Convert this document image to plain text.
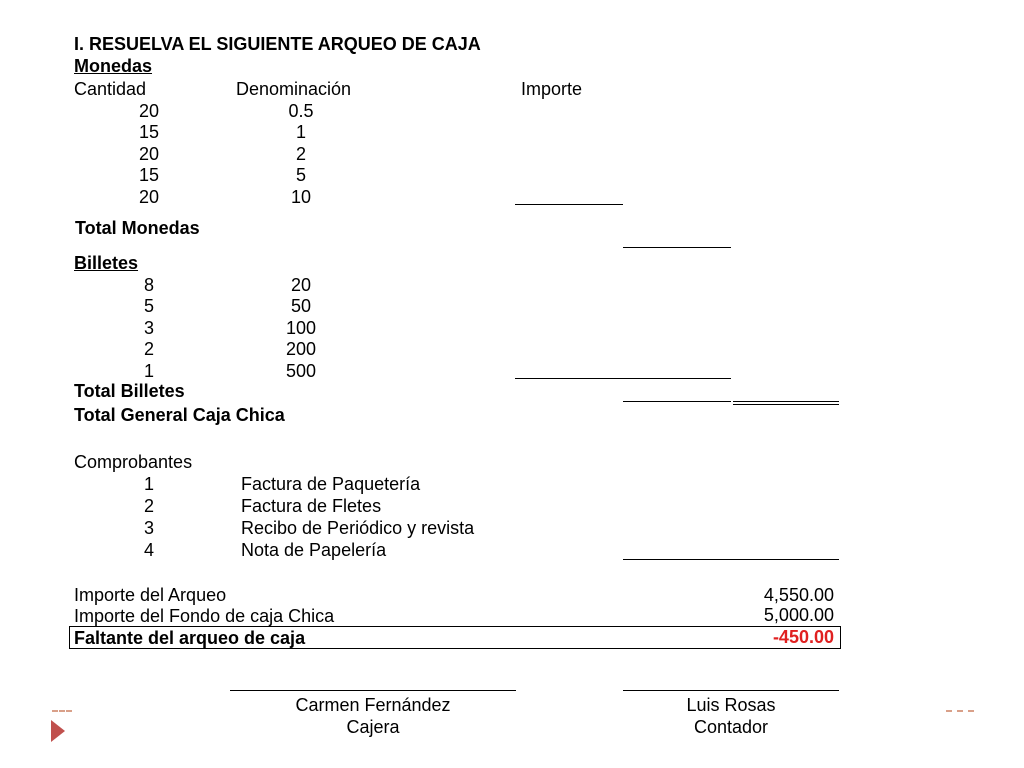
I. RESUELVA EL SIGUIENTE ARQUEO DE CAJA
Monedas
Cantidad	Denominación	Importe
20	0.5
15	1
20	2
15	5
20	10
Total Monedas
Billetes
8	20
5	50
3	100
2	200
1	500
Total Billetes
Total General Caja Chica
Comprobantes
1	Factura de Paquetería
2	Factura de Fletes
3	Recibo de Periódico y revista
4	Nota de Papelería
Importe del Arqueo	4,550.00
Importe del Fondo de caja Chica	5,000.00
Faltante del arqueo de caja	-450.00
Carmen Fernández	Luis Rosas
Cajera	Contador
